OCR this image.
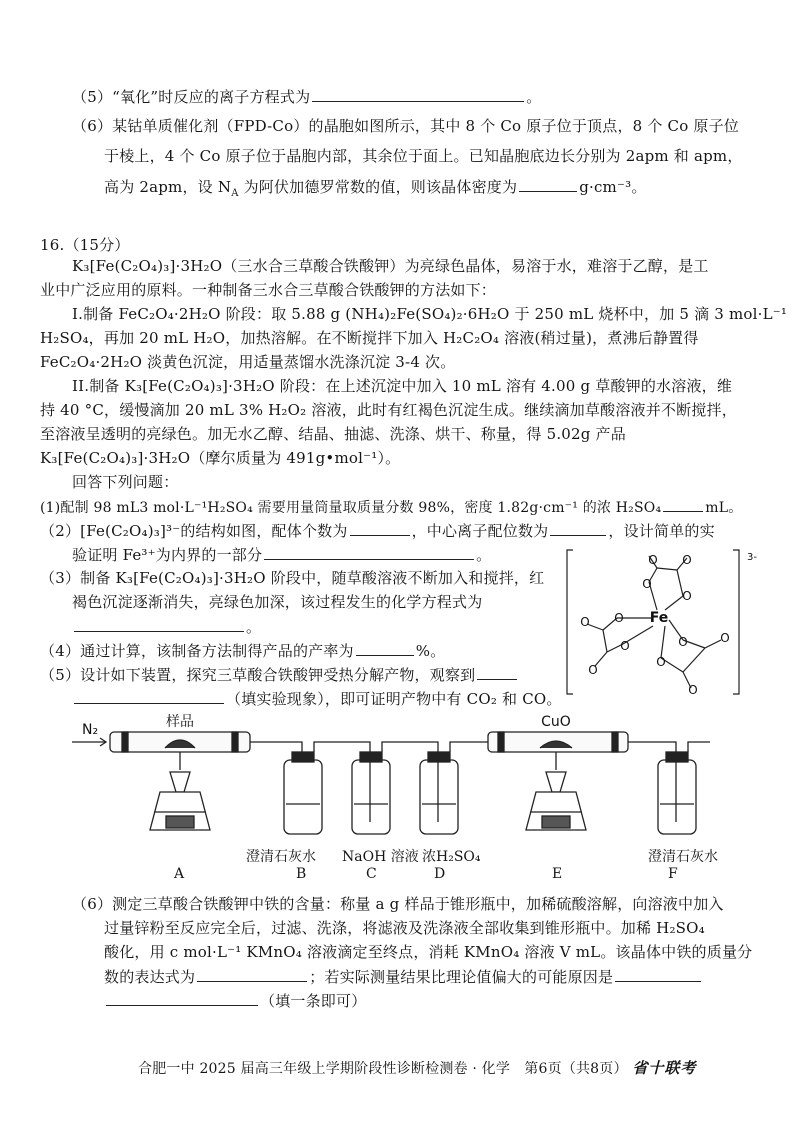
（5）“氧化”时反应的离子方程式为	。
（6）某钴单质催化剂（FPD-Co）的晶胞如图所示，其中 8 个 Co 原子位于顶点，8 个 Co 原子位
于棱上，4 个 Co 原子位于晶胞内部，其余位于面上。已知晶胞底边长分别为 2apm 和 apm，
高为 2apm，设 $N_A$ 为阿伏加德罗常数的值，则该晶体密度为	g·cm⁻³。
16.（15分）
K₃[Fe(C₂O₄)₃]·3H₂O（三水合三草酸合铁酸钾）为亮绿色晶体，易溶于水，难溶于乙醇，是工
业中广泛应用的原料。一种制备三水合三草酸合铁酸钾的方法如下：
I.制备 FeC₂O₄·2H₂O 阶段：取 5.88 g (NH₄)₂Fe(SO₄)₂·6H₂O 于 250 mL 烧杯中，加 5 滴 3 mol·L⁻¹
H₂SO₄，再加 20 mL H₂O，加热溶解。在不断搅拌下加入 H₂C₂O₄ 溶液(稍过量)，煮沸后静置得
FeC₂O₄·2H₂O 淡黄色沉淀，用适量蒸馏水洗涤沉淀 3-4 次。
II.制备 K₃[Fe(C₂O₄)₃]·3H₂O 阶段：在上述沉淀中加入 10 mL 溶有 4.00 g 草酸钾的水溶液，维
持 40 °C，缓慢滴加 20 mL 3% H₂O₂ 溶液，此时有红褐色沉淀生成。继续滴加草酸溶液并不断搅拌，
至溶液呈透明的亮绿色。加无水乙醇、结晶、抽滤、洗涤、烘干、称量，得 5.02g 产品
K₃[Fe(C₂O₄)₃]·3H₂O（摩尔质量为 491g•mol⁻¹）。
回答下列问题：
(1)配制 98 mL3 mol·L⁻¹H₂SO₄ 需要用量筒量取质量分数 98%，密度 1.82g·cm⁻¹ 的浓 H₂SO₄	mL。
（2）[Fe(C₂O₄)₃]³⁻的结构如图，配体个数为	，中心离子配位数为	，设计简单的实
验证明 Fe³⁺为内界的一部分	。
（3）制备 K₃[Fe(C₂O₄)₃]·3H₂O 阶段中，随草酸溶液不断加入和搅拌，红
褐色沉淀逐渐消失，亮绿色加深，该过程发生的化学方程式为
。
（4）通过计算，该制备方法制得产品的产率为	%。
（5）设计如下装置，探究三草酸合铁酸钾受热分解产物，观察到
（填实验现象），即可证明产物中有 CO₂ 和 CO。
Fe
O
O
O
O
O
O
O
O
O	O
O
O
3-
N₂	样品	CuO
澄清石灰水 NaOH 溶液 浓H₂SO₄	澄清石灰水
A	B	C	D	E	F
（6）测定三草酸合铁酸钾中铁的含量：称量 a g 样品于锥形瓶中，加稀硫酸溶解，向溶液中加入
过量锌粉至反应完全后，过滤、洗涤，将滤液及洗涤液全部收集到锥形瓶中。加稀 H₂SO₄
酸化，用 c mol·L⁻¹ KMnO₄ 溶液滴定至终点，消耗 KMnO₄ 溶液 V mL。该晶体中铁的质量分
数的表达式为	；若实际测量结果比理论值偏大的可能原因是
（填一条即可）
合肥一中 2025 届高三年级上学期阶段性诊断检测卷 · 化学　第6页（共8页） 省十联考
